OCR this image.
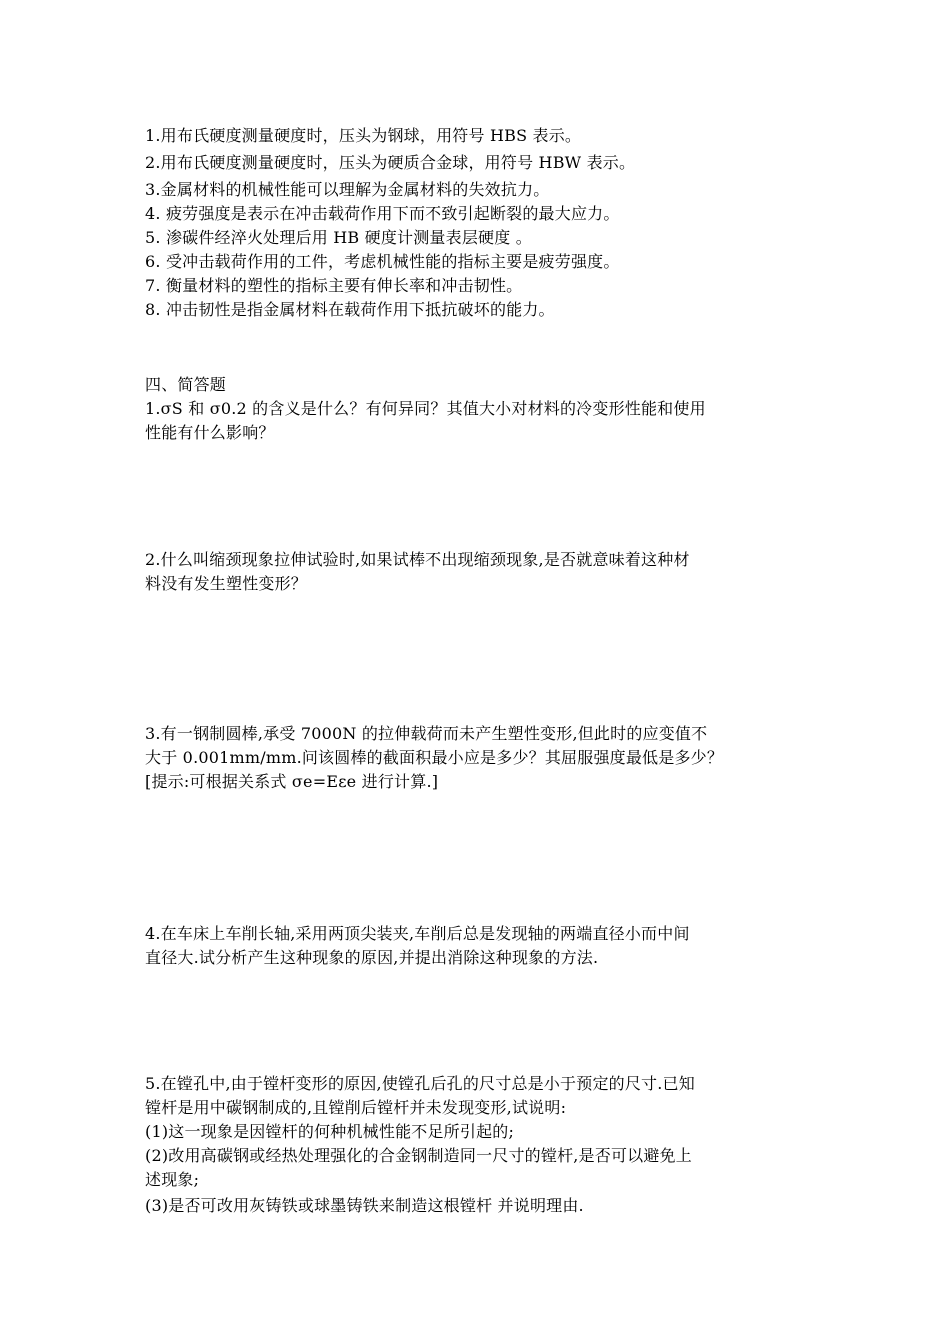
1.用布氏硬度测量硬度时，压头为钢球，用符号 HBS 表示。
2.用布氏硬度测量硬度时，压头为硬质合金球，用符号 HBW 表示。
3.金属材料的机械性能可以理解为金属材料的失效抗力。
4. 疲劳强度是表示在冲击载荷作用下而不致引起断裂的最大应力。
5. 渗碳件经淬火处理后用 HB 硬度计测量表层硬度 。
6. 受冲击载荷作用的工件，考虑机械性能的指标主要是疲劳强度。
7. 衡量材料的塑性的指标主要有伸长率和冲击韧性。
8. 冲击韧性是指金属材料在载荷作用下抵抗破坏的能力。
四、简答题
1.σS 和 σ0.2 的含义是什么？有何异同？其值大小对材料的冷变形性能和使用
性能有什么影响？
2.什么叫缩颈现象拉伸试验时,如果试棒不出现缩颈现象,是否就意味着这种材
料没有发生塑性变形？
3.有一钢制圆棒,承受 7000N 的拉伸载荷而未产生塑性变形,但此时的应变值不
大于 0.001mm/mm.问该圆棒的截面积最小应是多少？其屈服强度最低是多少？
[提示:可根据关系式 σe=Eεe 进行计算.]
4.在车床上车削长轴,采用两顶尖装夹,车削后总是发现轴的两端直径小而中间
直径大.试分析产生这种现象的原因,并提出消除这种现象的方法.
5.在镗孔中,由于镗杆变形的原因,使镗孔后孔的尺寸总是小于预定的尺寸.已知
镗杆是用中碳钢制成的,且镗削后镗杆并未发现变形,试说明:
(1)这一现象是因镗杆的何种机械性能不足所引起的;
(2)改用高碳钢或经热处理强化的合金钢制造同一尺寸的镗杆,是否可以避免上
述现象;
(3)是否可改用灰铸铁或球墨铸铁来制造这根镗杆 并说明理由.
